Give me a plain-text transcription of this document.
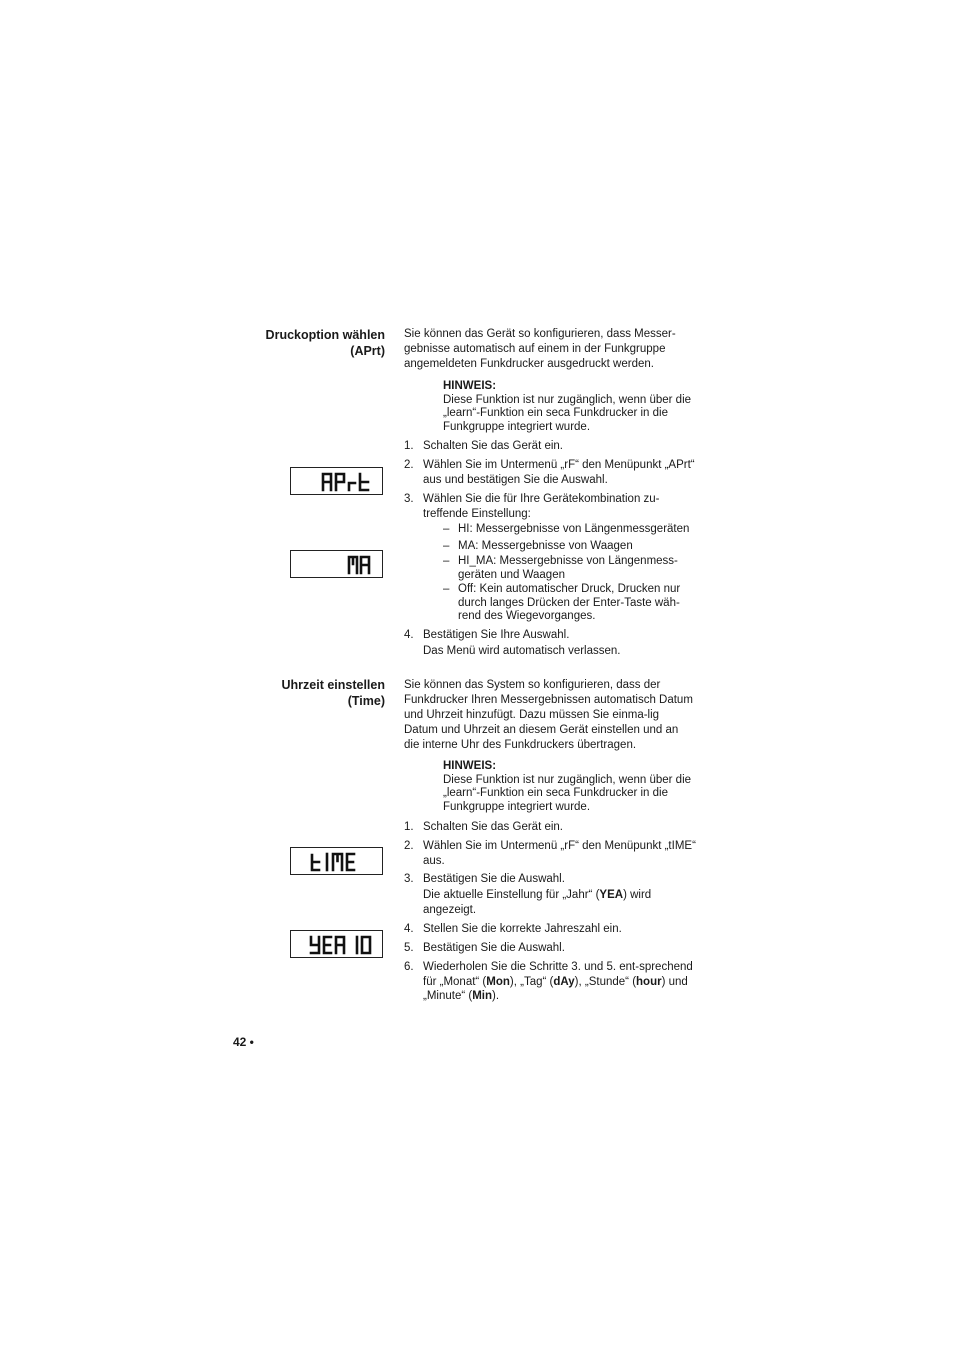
Druckoption wählen
(APrt)
Sie können das Gerät so konfigurieren, dass Messer-gebnisse automatisch auf einem in der Funkgruppe angemeldeten Funkdrucker ausgedruckt werden.
HINWEIS:
Diese Funktion ist nur zugänglich, wenn über die „learn“-Funktion ein seca Funkdrucker in die Funkgruppe integriert wurde.
1. Schalten Sie das Gerät ein.
2. Wählen Sie im Untermenü „rF“ den Menüpunkt „APrt“ aus und bestätigen Sie die Auswahl.
3. Wählen Sie die für Ihre Gerätekombination zu-treffende Einstellung:
– HI: Messergebnisse von Längenmessgeräten
– MA: Messergebnisse von Waagen
– HI_MA: Messergebnisse von Längenmess-geräten und Waagen
– Off: Kein automatischer Druck, Drucken nur durch langes Drücken der Enter-Taste wäh-rend des Wiegevorganges.
4. Bestätigen Sie Ihre Auswahl.
Das Menü wird automatisch verlassen.
Uhrzeit einstellen
(Time)
Sie können das System so konfigurieren, dass der Funkdrucker Ihren Messergebnissen automatisch Datum und Uhrzeit hinzufügt. Dazu müssen Sie einma-lig Datum und Uhrzeit an diesem Gerät einstellen und an die interne Uhr des Funkdruckers übertragen.
HINWEIS:
Diese Funktion ist nur zugänglich, wenn über die „learn“-Funktion ein seca Funkdrucker in die Funkgruppe integriert wurde.
1. Schalten Sie das Gerät ein.
2. Wählen Sie im Untermenü „rF“ den Menüpunkt „tIME“ aus.
3. Bestätigen Sie die Auswahl.
Die aktuelle Einstellung für „Jahr“ (YEA) wird angezeigt.
4. Stellen Sie die korrekte Jahreszahl ein.
5. Bestätigen Sie die Auswahl.
6. Wiederholen Sie die Schritte 3. und 5. ent-sprechend für „Monat“ (Mon), „Tag“ (dAy), „Stunde“ (hour) und „Minute“ (Min).
42 •
